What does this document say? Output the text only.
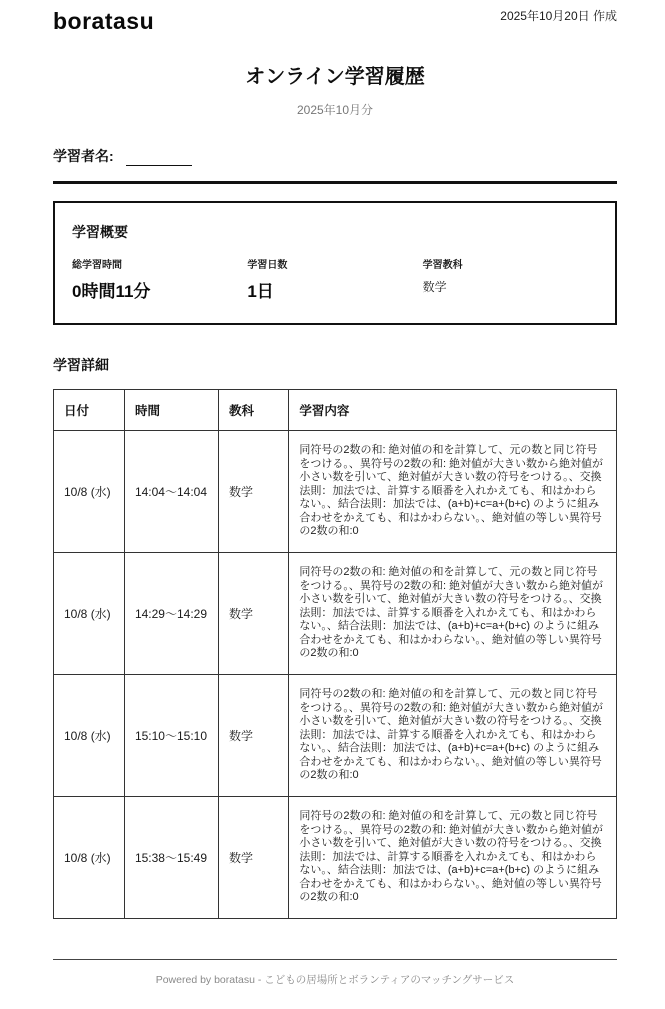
boratasu	2025年10月20日 作成
オンライン学習履歴
2025年10月分
学習者名:
学習概要
総学習時間
0時間11分
学習日数
1日
学習教科
数学
学習詳細
日付	時間	教科	学習内容
10/8 (水)	14:04～14:04	数学	同符号の2数の和: 絶対値の和を計算して、元の数と同じ符号をつける。、異符号の2数の和: 絶対値が大きい数から絶対値が小さい数を引いて、絶対値が大きい数の符号をつける。、交換法則：加法では、計算する順番を入れかえても、和はかわらない。、結合法則：加法では、(a+b)+c=a+(b+c) のように組み合わせをかえても、和はかわらない。、絶対値の等しい異符号の2数の和:0
10/8 (水)	14:29～14:29	数学	同符号の2数の和: 絶対値の和を計算して、元の数と同じ符号をつける。、異符号の2数の和: 絶対値が大きい数から絶対値が小さい数を引いて、絶対値が大きい数の符号をつける。、交換法則：加法では、計算する順番を入れかえても、和はかわらない。、結合法則：加法では、(a+b)+c=a+(b+c) のように組み合わせをかえても、和はかわらない。、絶対値の等しい異符号の2数の和:0
10/8 (水)	15:10～15:10	数学	同符号の2数の和: 絶対値の和を計算して、元の数と同じ符号をつける。、異符号の2数の和: 絶対値が大きい数から絶対値が小さい数を引いて、絶対値が大きい数の符号をつける。、交換法則：加法では、計算する順番を入れかえても、和はかわらない。、結合法則：加法では、(a+b)+c=a+(b+c) のように組み合わせをかえても、和はかわらない。、絶対値の等しい異符号の2数の和:0
10/8 (水)	15:38～15:49	数学	同符号の2数の和: 絶対値の和を計算して、元の数と同じ符号をつける。、異符号の2数の和: 絶対値が大きい数から絶対値が小さい数を引いて、絶対値が大きい数の符号をつける。、交換法則：加法では、計算する順番を入れかえても、和はかわらない。、結合法則：加法では、(a+b)+c=a+(b+c) のように組み合わせをかえても、和はかわらない。、絶対値の等しい異符号の2数の和:0
Powered by boratasu - こどもの居場所とボランティアのマッチングサービス
